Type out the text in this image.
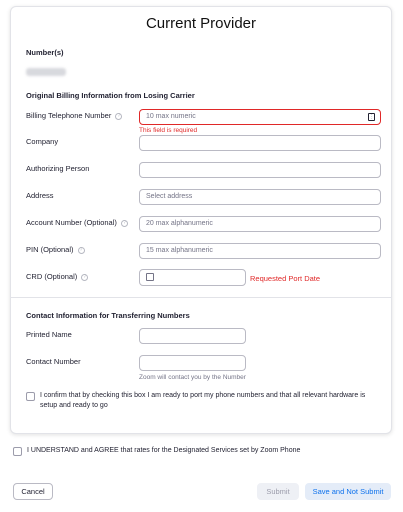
Current Provider
Number(s)
Original Billing Information from Losing Carrier
Billing Telephone Number ?	10 max numeric	⋮
This field is required
Company
Authorizing Person
Address	Select address
Account Number (Optional) ?	20 max alphanumeric
PIN (Optional) ?	15 max alphanumeric
CRD (Optional) ?	Requested Port Date
Contact Information for Transferring Numbers
Printed Name
Contact Number
Zoom will contact you by the Number
I confirm that by checking this box I am ready to port my phone numbers and that all relevant hardware is setup and ready to go
I UNDERSTAND and AGREE that rates for the Designated Services set by Zoom Phone
Cancel	Submit	Save and Not Submit
